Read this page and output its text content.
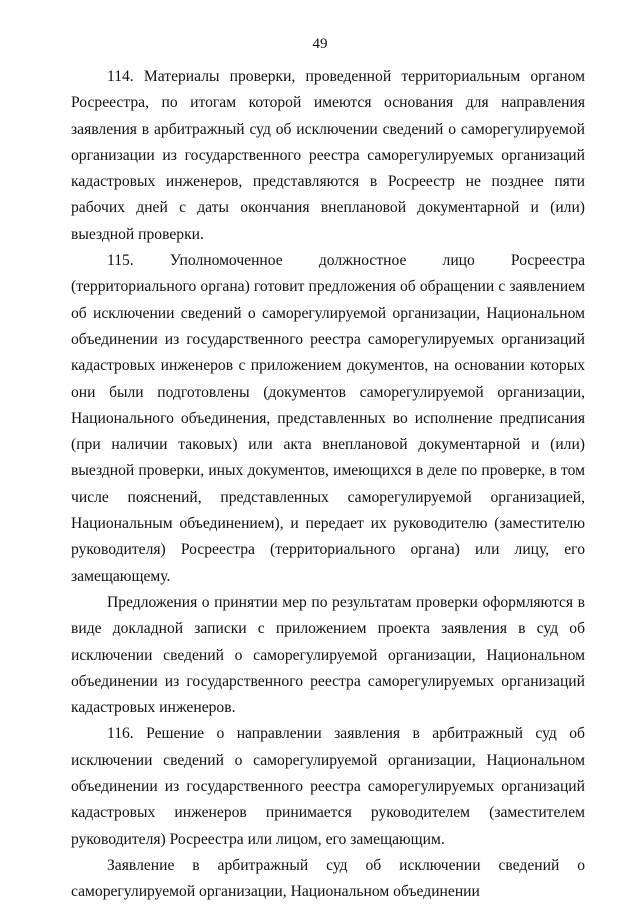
49

114. Материалы проверки, проведенной территориальным органом Росреестра, по итогам которой имеются основания для направления заявления в арбитражный суд об исключении сведений о саморегулируемой организации из государственного реестра саморегулируемых организаций кадастровых инженеров, представляются в Росреестр не позднее пяти рабочих дней с даты окончания внеплановой документарной и (или) выездной проверки.

115. Уполномоченное должностное лицо Росреестра (территориального органа) готовит предложения об обращении с заявлением об исключении сведений о саморегулируемой организации, Национальном объединении из государственного реестра саморегулируемых организаций кадастровых инженеров с приложением документов, на основании которых они были подготовлены (документов саморегулируемой организации, Национального объединения, представленных во исполнение предписания (при наличии таковых) или акта внеплановой документарной и (или) выездной проверки, иных документов, имеющихся в деле по проверке, в том числе пояснений, представленных саморегулируемой организацией, Национальным объединением), и передает их руководителю (заместителю руководителя) Росреестра (территориального органа) или лицу, его замещающему.

Предложения о принятии мер по результатам проверки оформляются в виде докладной записки с приложением проекта заявления в суд об исключении сведений о саморегулируемой организации, Национальном объединении из государственного реестра саморегулируемых организаций кадастровых инженеров.

116. Решение о направлении заявления в арбитражный суд об исключении сведений о саморегулируемой организации, Национальном объединении из государственного реестра саморегулируемых организаций кадастровых инженеров принимается руководителем (заместителем руководителя) Росреестра или лицом, его замещающим.

Заявление в арбитражный суд об исключении сведений о саморегулируемой организации, Национальном объединении
